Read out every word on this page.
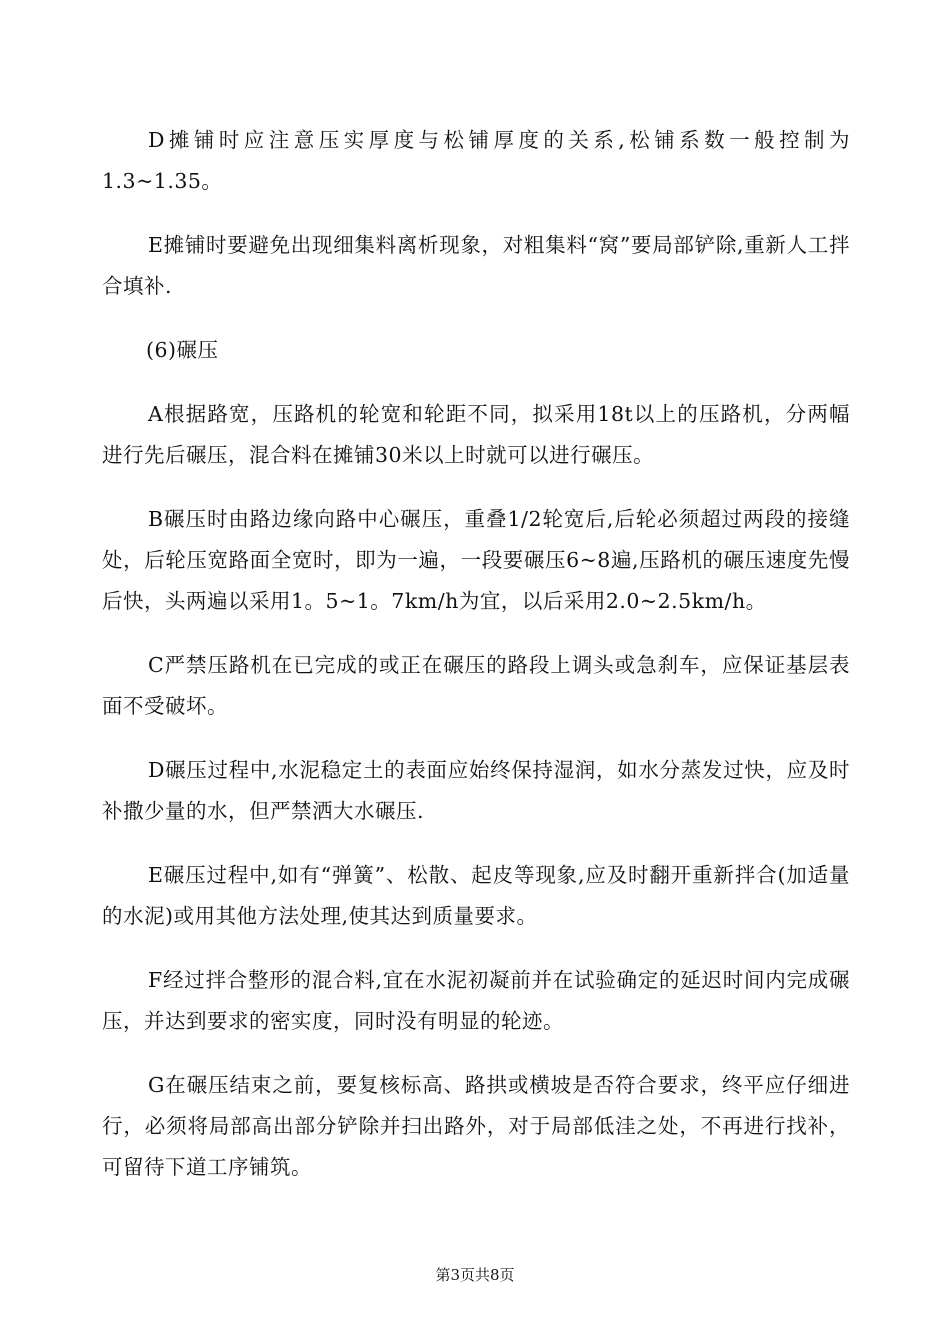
D摊铺时应注意压实厚度与松铺厚度的关系,松铺系数一般控制为1.3~1.35。

E摊铺时要避免出现细集料离析现象，对粗集料“窝”要局部铲除,重新人工拌合填补.

(6)碾压

A根据路宽，压路机的轮宽和轮距不同，拟采用18t以上的压路机，分两幅进行先后碾压，混合料在摊铺30米以上时就可以进行碾压。

B碾压时由路边缘向路中心碾压，重叠1/2轮宽后,后轮必须超过两段的接缝处，后轮压宽路面全宽时，即为一遍，一段要碾压6~8遍,压路机的碾压速度先慢后快，头两遍以采用1。5~1。7km/h为宜，以后采用2.0~2.5km/h。

C严禁压路机在已完成的或正在碾压的路段上调头或急刹车，应保证基层表面不受破坏。

D碾压过程中,水泥稳定土的表面应始终保持湿润，如水分蒸发过快，应及时补撒少量的水，但严禁洒大水碾压.

E碾压过程中,如有“弹簧”、松散、起皮等现象,应及时翻开重新拌合(加适量的水泥)或用其他方法处理,使其达到质量要求。

F经过拌合整形的混合料,宜在水泥初凝前并在试验确定的延迟时间内完成碾压，并达到要求的密实度，同时没有明显的轮迹。

G在碾压结束之前，要复核标高、路拱或横坡是否符合要求，终平应仔细进行，必须将局部高出部分铲除并扫出路外，对于局部低洼之处，不再进行找补，可留待下道工序铺筑。

第3页共8页
